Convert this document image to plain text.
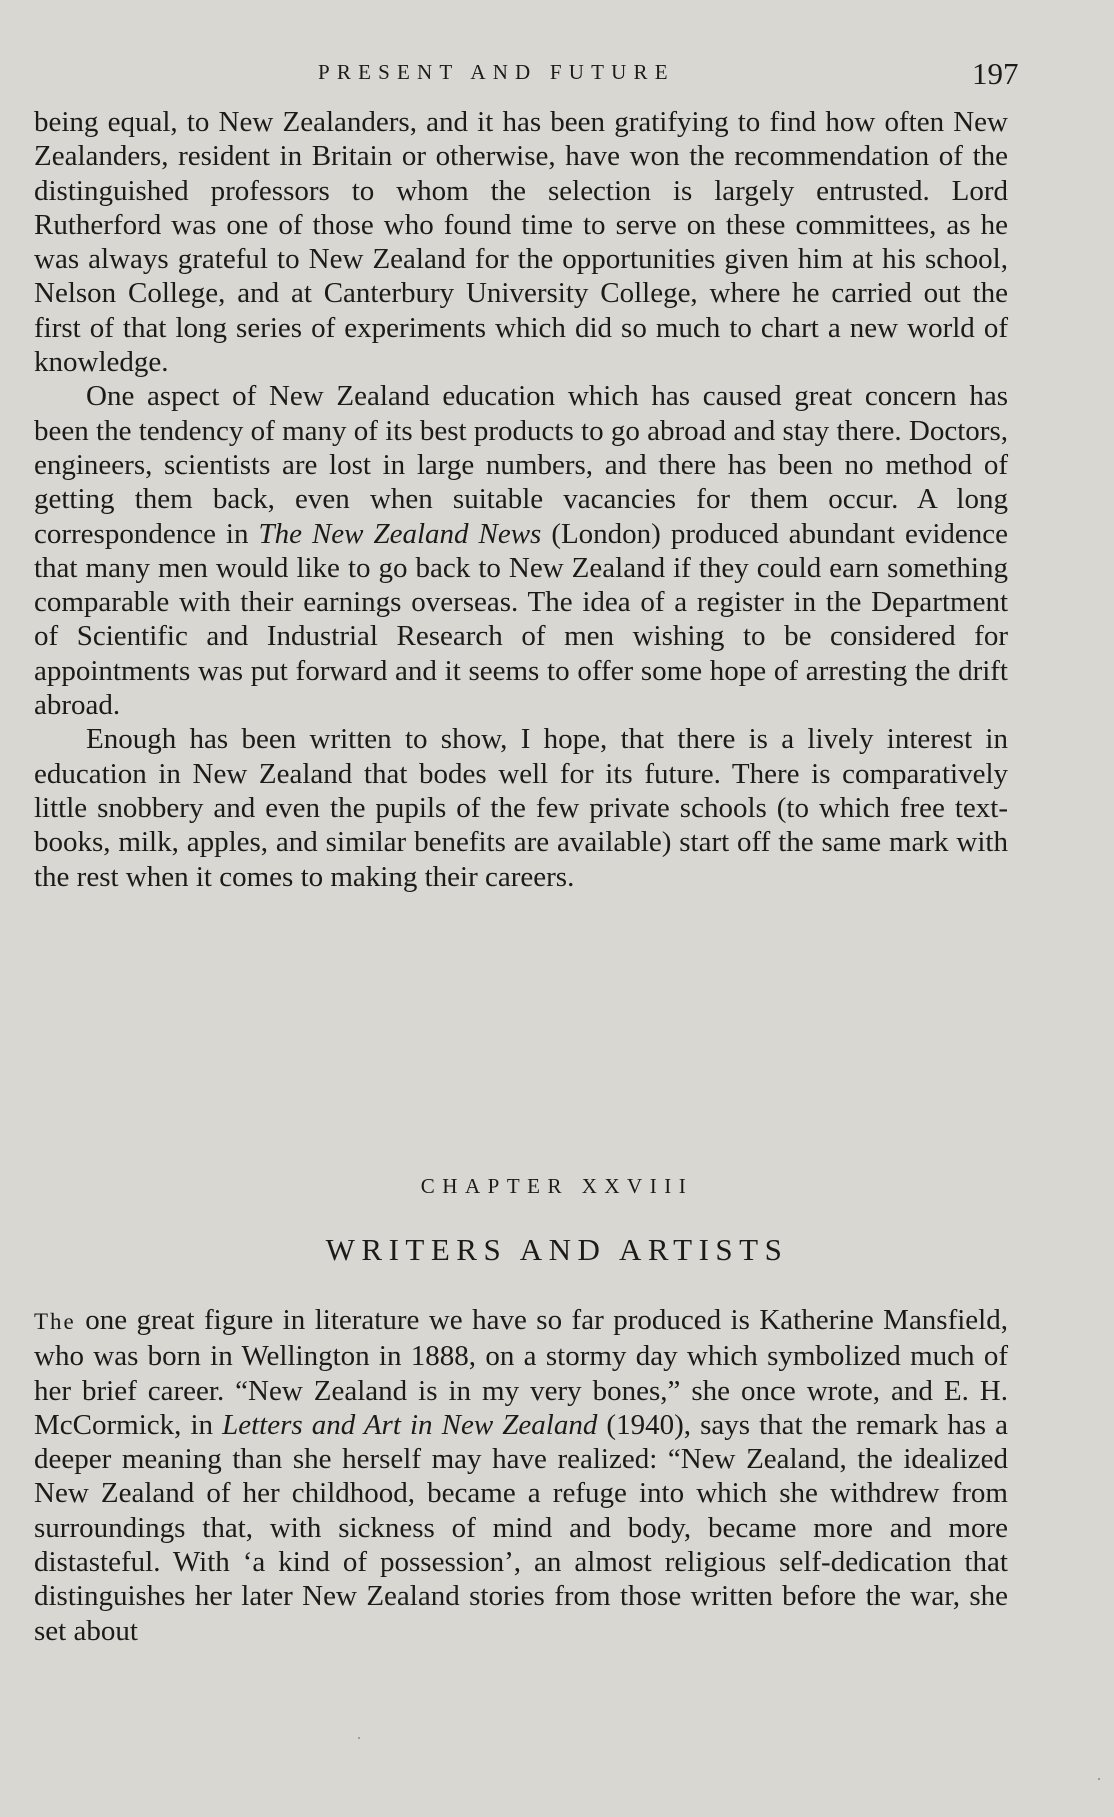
PRESENT AND FUTURE	197

being equal, to New Zealanders, and it has been gratifying to find how often New Zealanders, resident in Britain or otherwise, have won the recommendation of the distinguished professors to whom the selection is largely entrusted. Lord Rutherford was one of those who found time to serve on these committees, as he was always grateful to New Zealand for the opportunities given him at his school, Nelson College, and at Canterbury University College, where he carried out the first of that long series of experiments which did so much to chart a new world of knowledge.

One aspect of New Zealand education which has caused great concern has been the tendency of many of its best products to go abroad and stay there. Doctors, engineers, scientists are lost in large numbers, and there has been no method of getting them back, even when suitable vacancies for them occur. A long correspondence in The New Zealand News (London) produced abundant evidence that many men would like to go back to New Zealand if they could earn something comparable with their earnings overseas. The idea of a register in the Department of Scientific and Industrial Research of men wishing to be considered for appointments was put forward and it seems to offer some hope of arresting the drift abroad.

Enough has been written to show, I hope, that there is a lively interest in education in New Zealand that bodes well for its future. There is comparatively little snobbery and even the pupils of the few private schools (to which free text-books, milk, apples, and similar benefits are available) start off the same mark with the rest when it comes to making their careers.

CHAPTER XXVIII
WRITERS AND ARTISTS

The one great figure in literature we have so far produced is Katherine Mansfield, who was born in Wellington in 1888, on a stormy day which symbolized much of her brief career. “New Zealand is in my very bones,” she once wrote, and E. H. McCormick, in Letters and Art in New Zealand (1940), says that the remark has a deeper meaning than she herself may have realized: “New Zealand, the idealized New Zealand of her childhood, became a refuge into which she withdrew from surroundings that, with sickness of mind and body, became more and more distasteful. With ‘a kind of possession’, an almost religious self-dedication that distinguishes her later New Zealand stories from those written before the war, she set about
